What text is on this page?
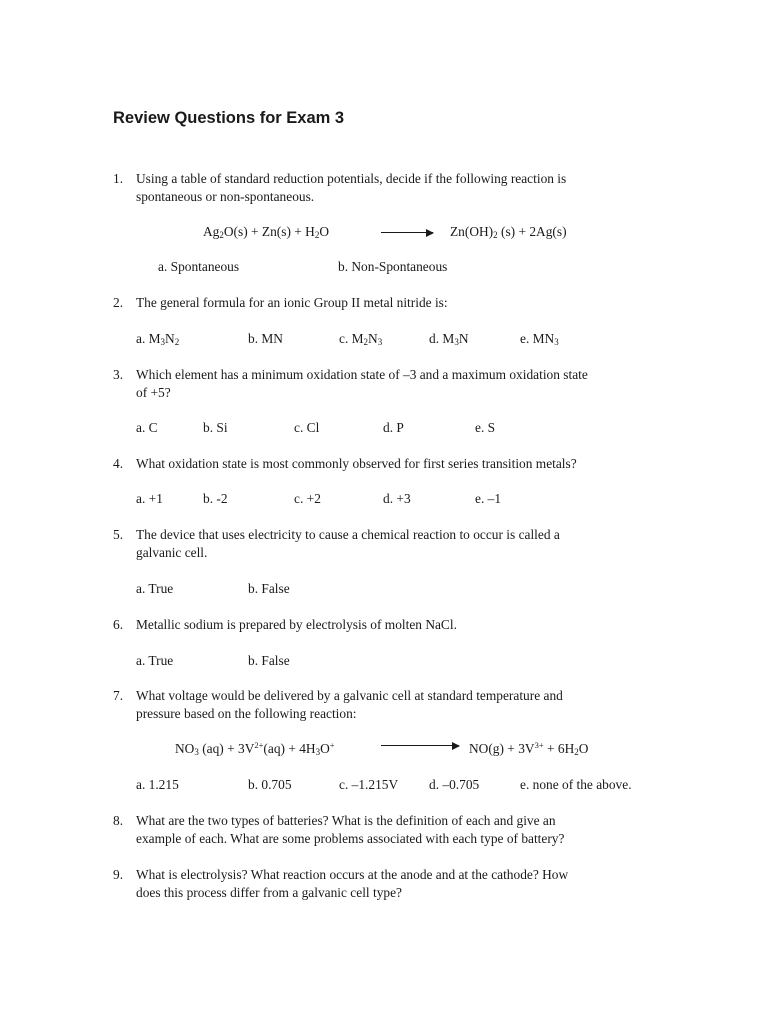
Review Questions for Exam 3
1. Using a table of standard reduction potentials, decide if the following reaction is
spontaneous or non-spontaneous.
$Ag_2O(s) + Zn(s) + H_2O$	→ $Zn(OH)_2$ (s) + 2Ag(s)
a. Spontaneous	b. Non-Spontaneous
2. The general formula for an ionic Group II metal nitride is:
a. $M_3N_2$	b. MN	c. $M_2N_3$	d. $M_3N$	e. $MN_3$
3. Which element has a minimum oxidation state of –3 and a maximum oxidation state
of +5?
a. C	b. Si	c. Cl	d. P	e. S
4. What oxidation state is most commonly observed for first series transition metals?
a. +1	b. -2	c. +2	d. +3	e. –1
5. The device that uses electricity to cause a chemical reaction to occur is called a
galvanic cell.
a. True	b. False
6. Metallic sodium is prepared by electrolysis of molten NaCl.
a. True	b. False
7. What voltage would be delivered by a galvanic cell at standard temperature and
pressure based on the following reaction:
$NO_3$ $(aq) + 3V^{2+}(aq) + 4H_3O^+$	$NO(g) + 3V^{3+} + 6H_2O$
a. 1.215	b. 0.705	c. –1.215V d. –0.705	e. none of the above.
8. What are the two types of batteries? What is the definition of each and give an
example of each. What are some problems associated with each type of battery?
9. What is electrolysis? What reaction occurs at the anode and at the cathode? How
does this process differ from a galvanic cell type?
